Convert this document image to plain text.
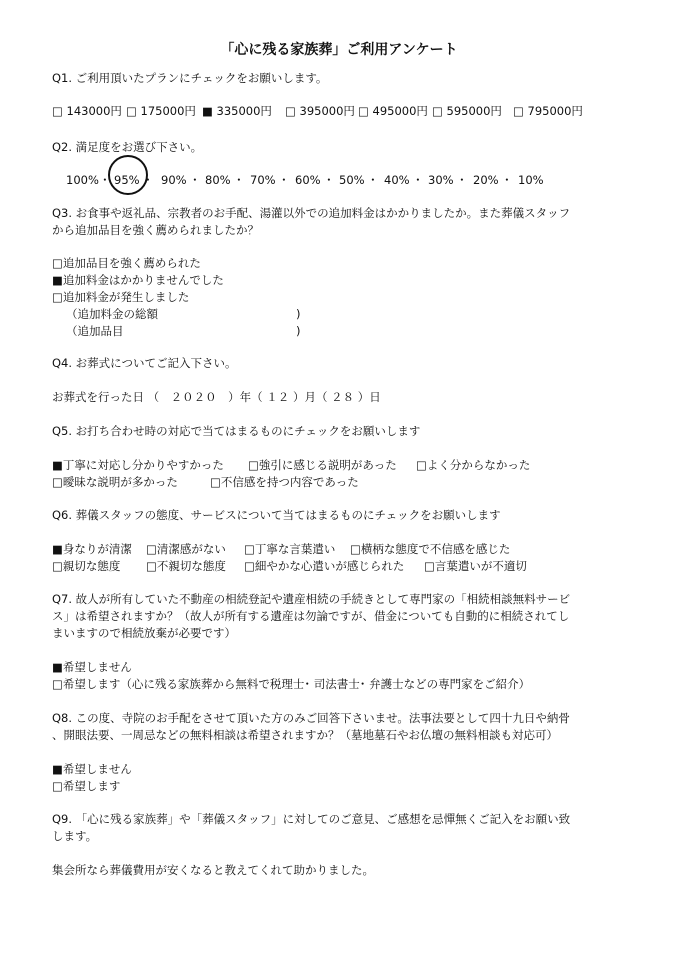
「心に残る家族葬」ご利用アンケート
Q1. ご利用頂いたプランにチェックをお願いします。
□ 143000円 □ 175000円 ■ 335000円 □ 395000円 □ 495000円 □ 595000円 □ 795000円
Q2. 満足度をお選び下さい。
100% ･ 95% ･ 90% ･ 80% ･ 70% ･ 60% ･ 50% ･ 40% ･ 30% ･ 20% ･ 10%
Q3. お食事や返礼品、宗教者のお手配、湯灌以外での追加料金はかかりましたか。また葬儀スタッフ
から追加品目を強く薦められましたか？
□追加品目を強く薦められた
■追加料金はかかりませんでした
□追加料金が発生しました
（追加料金の総額	)
（追加品目	)
Q4. お葬式についてご記入下さい。
お葬式を行った日 （　２０２０　）年（ １２ ）月（ ２８ ）日
Q5. お打ち合わせ時の対応で当てはまるものにチェックをお願いします
■丁寧に対応し分かりやすかった □強引に感じる説明があった □よく分からなかった
□曖昧な説明が多かった	□不信感を持つ内容であった
Q6. 葬儀スタッフの態度、サービスについて当てはまるものにチェックをお願いします
■身なりが清潔 □清潔感がない □丁寧な言葉遣い □横柄な態度で不信感を感じた
□親切な態度 □不親切な態度 □細やかな心遣いが感じられた □言葉遣いが不適切
Q7. 故人が所有していた不動産の相続登記や遺産相続の手続きとして専門家の「相続相談無料サービ
ス」は希望されますか？（故人が所有する遺産は勿論ですが、借金についても自動的に相続されてし
まいますので相続放棄が必要です）
■希望しません
□希望します（心に残る家族葬から無料で税理士･ 司法書士･ 弁護士などの専門家をご紹介）
Q8. この度、寺院のお手配をさせて頂いた方のみご回答下さいませ。法事法要として四十九日や納骨
、開眼法要、一周忌などの無料相談は希望されますか？（墓地墓石やお仏壇の無料相談も対応可）
■希望しません
□希望します
Q9. 「心に残る家族葬」や「葬儀スタッフ」に対してのご意見、ご感想を忌憚無くご記入をお願い致
します。
集会所なら葬儀費用が安くなると教えてくれて助かりました。
